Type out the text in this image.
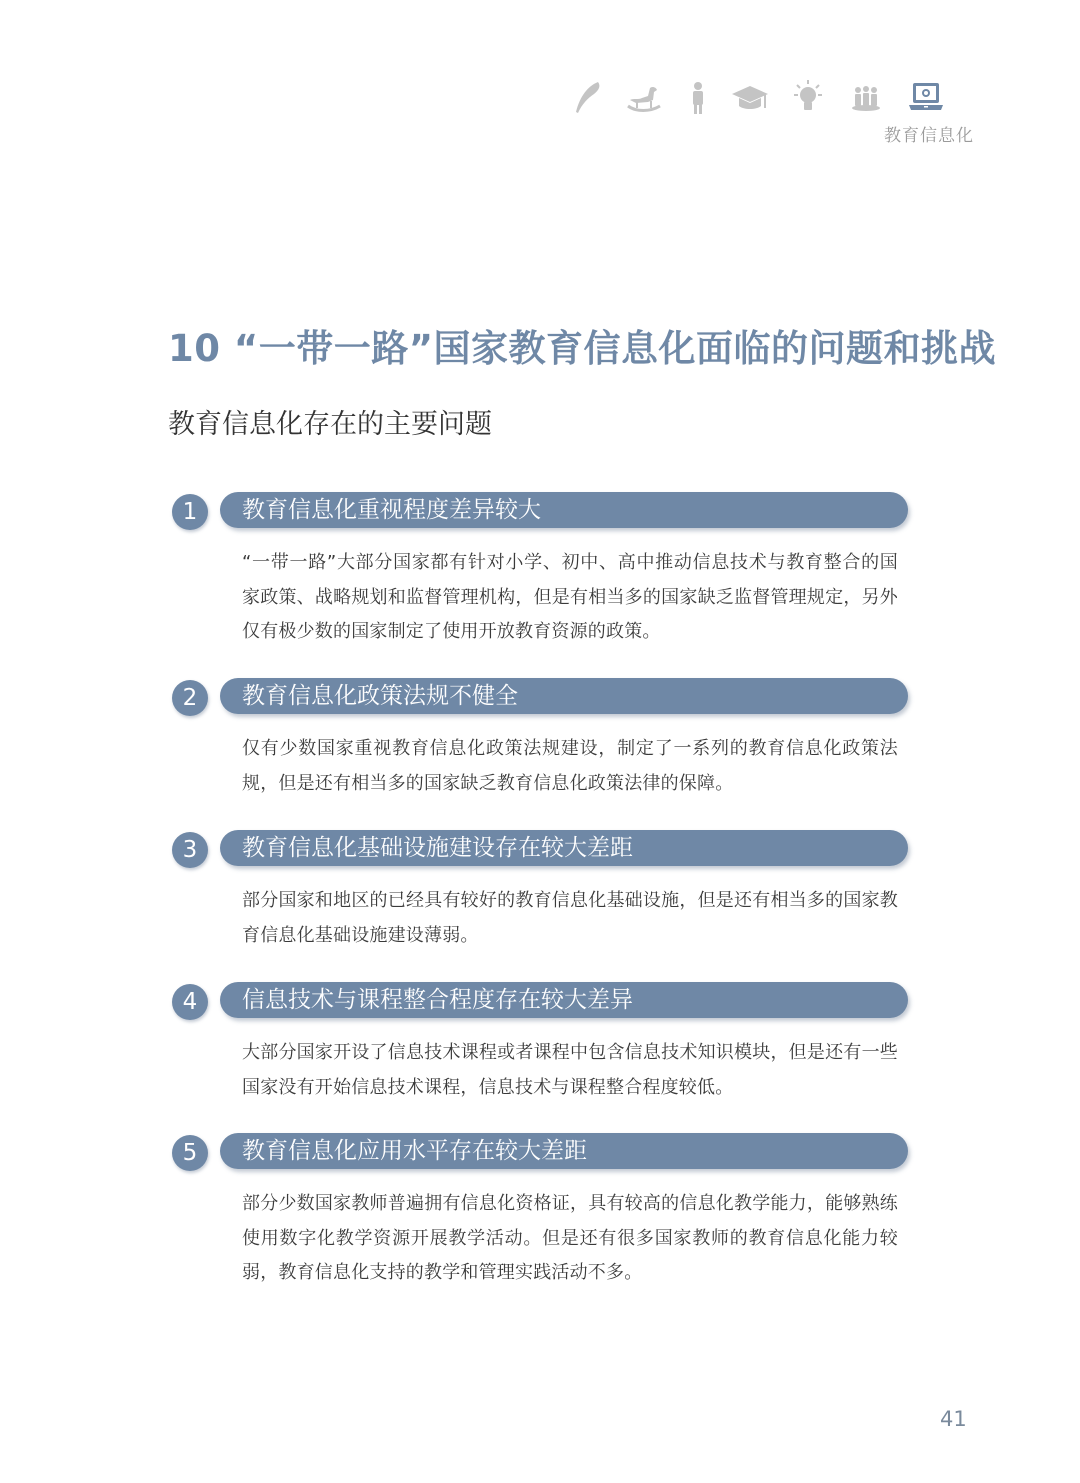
教育信息化
10 “一带一路”国家教育信息化面临的问题和挑战
教育信息化存在的主要问题
1	教育信息化重视程度差异较大
“一带一路”大部分国家都有针对小学、初中、高中推动信息技术与教育整合的国家政策、战略规划和监督管理机构，但是有相当多的国家缺乏监督管理规定，另外仅有极少数的国家制定了使用开放教育资源的政策。
2	教育信息化政策法规不健全
仅有少数国家重视教育信息化政策法规建设，制定了一系列的教育信息化政策法规，但是还有相当多的国家缺乏教育信息化政策法律的保障。
3	教育信息化基础设施建设存在较大差距
部分国家和地区的已经具有较好的教育信息化基础设施，但是还有相当多的国家教育信息化基础设施建设薄弱。
4	信息技术与课程整合程度存在较大差异
大部分国家开设了信息技术课程或者课程中包含信息技术知识模块，但是还有一些国家没有开始信息技术课程，信息技术与课程整合程度较低。
5	教育信息化应用水平存在较大差距
部分少数国家教师普遍拥有信息化资格证，具有较高的信息化教学能力，能够熟练使用数字化教学资源开展教学活动。但是还有很多国家教师的教育信息化能力较弱，教育信息化支持的教学和管理实践活动不多。
41
